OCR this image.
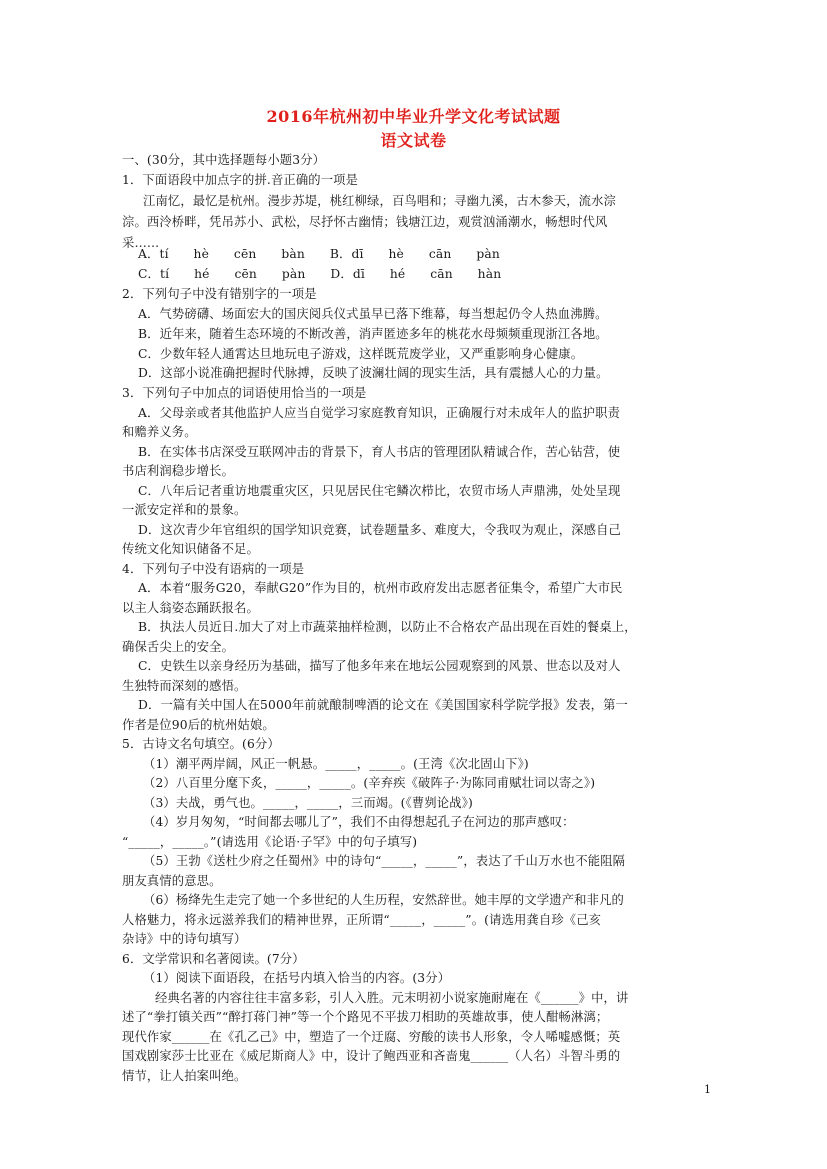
2016年杭州初中毕业升学文化考试试题
语文试卷
一、(30分，其中选择题每小题3分）
1．下面语段中加点字的拼.音正确的一项是
江南忆，最忆是杭州。漫步苏堤，桃红柳绿，百鸟唱和；寻幽九溪，古木参天，流水淙
淙。西泠桥畔，凭吊苏小、武松，尽抒怀古幽情；钱塘江边，观赏汹涌潮水，畅想时代风
采……
A．tí　　hè　　cēn　　bàn　　B．dī　　hè　　cān　　pàn
C．tí　　hé　　cēn　　pàn　　D．dī　　hé　　cān　　hàn
2．下列句子中没有错别字的一项是
A．气势磅礴、场面宏大的国庆阅兵仪式虽早已落下维幕，每当想起仍令人热血沸腾。
B．近年来，随着生态环境的不断改善，消声匿迹多年的桃花水母频频重现浙江各地。
C．少数年轻人通霄达旦地玩电子游戏，这样既荒废学业，又严重影响身心健康。
D．这部小说准确把握时代脉搏，反映了波澜壮阔的现实生活，具有震撼人心的力量。
3．下列句子中加点的词语使用恰当的一项是
A．父母亲或者其他监护人应当自觉学习家庭教育知识，正确履行对未成年人的监护职责
和赡养义务。
B．在实体书店深受互联网冲击的背景下，育人书店的管理团队精诚合作，苦心钻营，使
书店利润稳步增长。
C．八年后记者重访地震重灾区，只见居民住宅鳞次栉比，农贸市场人声鼎沸，处处呈现
一派安定祥和的景象。
D．这次青少年官组织的国学知识竞赛，试卷题量多、难度大，令我叹为观止，深感自己
传统文化知识储备不足。
4．下列句子中没有语病的一项是
A．本着“服务G20，奉献G20”作为目的，杭州市政府发出志愿者征集令，希望广大市民
以主人翁姿态踊跃报名。
B．执法人员近日.加大了对上市蔬菜抽样检测，以防止不合格农产品出现在百姓的餐桌上，
确保舌尖上的安全。
C．史铁生以亲身经历为基础，描写了他多年来在地坛公园观察到的风景、世态以及对人
生独特而深刻的感悟。
D．一篇有关中国人在5000年前就酿制啤酒的论文在《美国国家科学院学报》发表，第一
作者是位90后的杭州姑娘。
5．古诗文名句填空。(6分）
（1）潮平两岸阔，风正一帆悬。_____，_____。(王湾《次北固山下》)
（2）八百里分麾下炙，_____，_____。(辛弃疾《破阵子·为陈同甫赋壮词以寄之》)
（3）夫战，勇气也。_____，_____，三而竭。(《曹刿论战》)
（4）岁月匆匆，“时间都去哪儿了”，我们不由得想起孔子在河边的那声感叹：
“_____，_____。”(请选用《论语·子罕》中的句子填写)
（5）王勃《送杜少府之任蜀州》中的诗句“_____，_____”，表达了千山万水也不能阻隔
朋友真情的意思。
（6）杨绛先生走完了她一个多世纪的人生历程，安然辞世。她丰厚的文学遗产和非凡的
人格魅力，将永远滋养我们的精神世界，正所谓“_____，_____”。(请选用龚自珍《己亥
杂诗》中的诗句填写）
6．文学常识和名著阅读。(7分）
（1）阅读下面语段，在括号内填入恰当的内容。(3分）
经典名著的内容往往丰富多彩，引人入胜。元末明初小说家施耐庵在《______》中，讲
述了“拳打镇关西”“醉打蒋门神”等一个个路见不平拔刀相助的英雄故事，使人酣畅淋漓；
现代作家______在《孔乙己》中，塑造了一个迂腐、穷酸的读书人形象，令人唏嘘感慨；英
国戏剧家莎士比亚在《威尼斯商人》中，设计了鲍西亚和吝啬鬼______（人名）斗智斗勇的
情节，让人拍案叫绝。
1
